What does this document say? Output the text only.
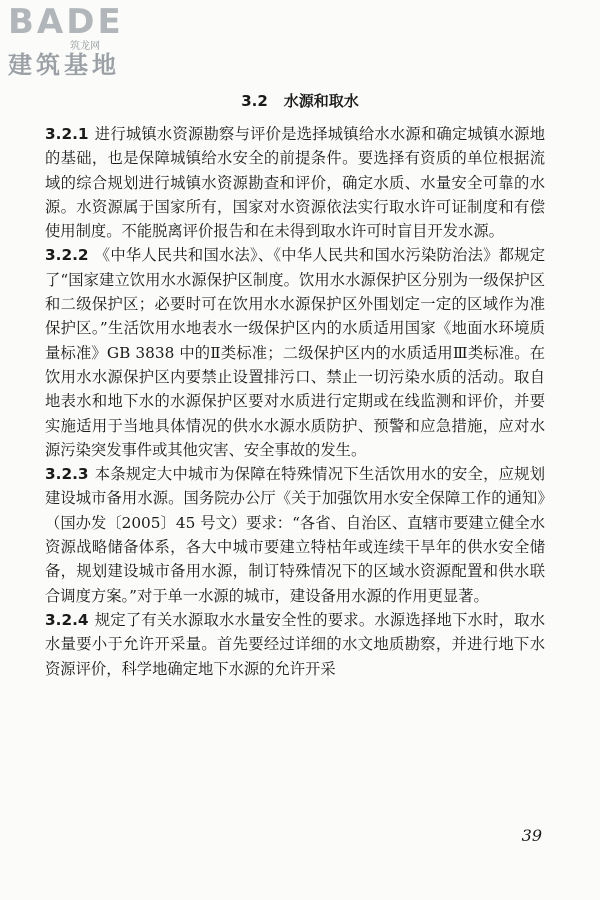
BADE
筑龙网
建筑基地
3.2 水源和取水

3.2.1 进行城镇水资源勘察与评价是选择城镇给水水源和确定城镇水源地的基础，也是保障城镇给水安全的前提条件。要选择有资质的单位根据流域的综合规划进行城镇水资源勘查和评价，确定水质、水量安全可靠的水源。水资源属于国家所有，国家对水资源依法实行取水许可证制度和有偿使用制度。不能脱离评价报告和在未得到取水许可时盲目开发水源。

3.2.2 《中华人民共和国水法》、《中华人民共和国水污染防治法》都规定了“国家建立饮用水水源保护区制度。饮用水水源保护区分别为一级保护区和二级保护区；必要时可在饮用水水源保护区外围划定一定的区域作为准保护区。”生活饮用水地表水一级保护区内的水质适用国家《地面水环境质量标准》GB 3838 中的Ⅱ类标准；二级保护区内的水质适用Ⅲ类标准。在饮用水水源保护区内要禁止设置排污口、禁止一切污染水质的活动。取自地表水和地下水的水源保护区要对水质进行定期或在线监测和评价，并要实施适用于当地具体情况的供水水源水质防护、预警和应急措施，应对水源污染突发事件或其他灾害、安全事故的发生。

3.2.3 本条规定大中城市为保障在特殊情况下生活饮用水的安全，应规划建设城市备用水源。国务院办公厅《关于加强饮用水安全保障工作的通知》（国办发〔2005〕45 号文）要求：“各省、自治区、直辖市要建立健全水资源战略储备体系，各大中城市要建立特枯年或连续干旱年的供水安全储备，规划建设城市备用水源，制订特殊情况下的区域水资源配置和供水联合调度方案。”对于单一水源的城市，建设备用水源的作用更显著。

3.2.4 规定了有关水源取水水量安全性的要求。水源选择地下水时，取水水量要小于允许开采量。首先要经过详细的水文地质勘察，并进行地下水资源评价，科学地确定地下水源的允许开采

39
